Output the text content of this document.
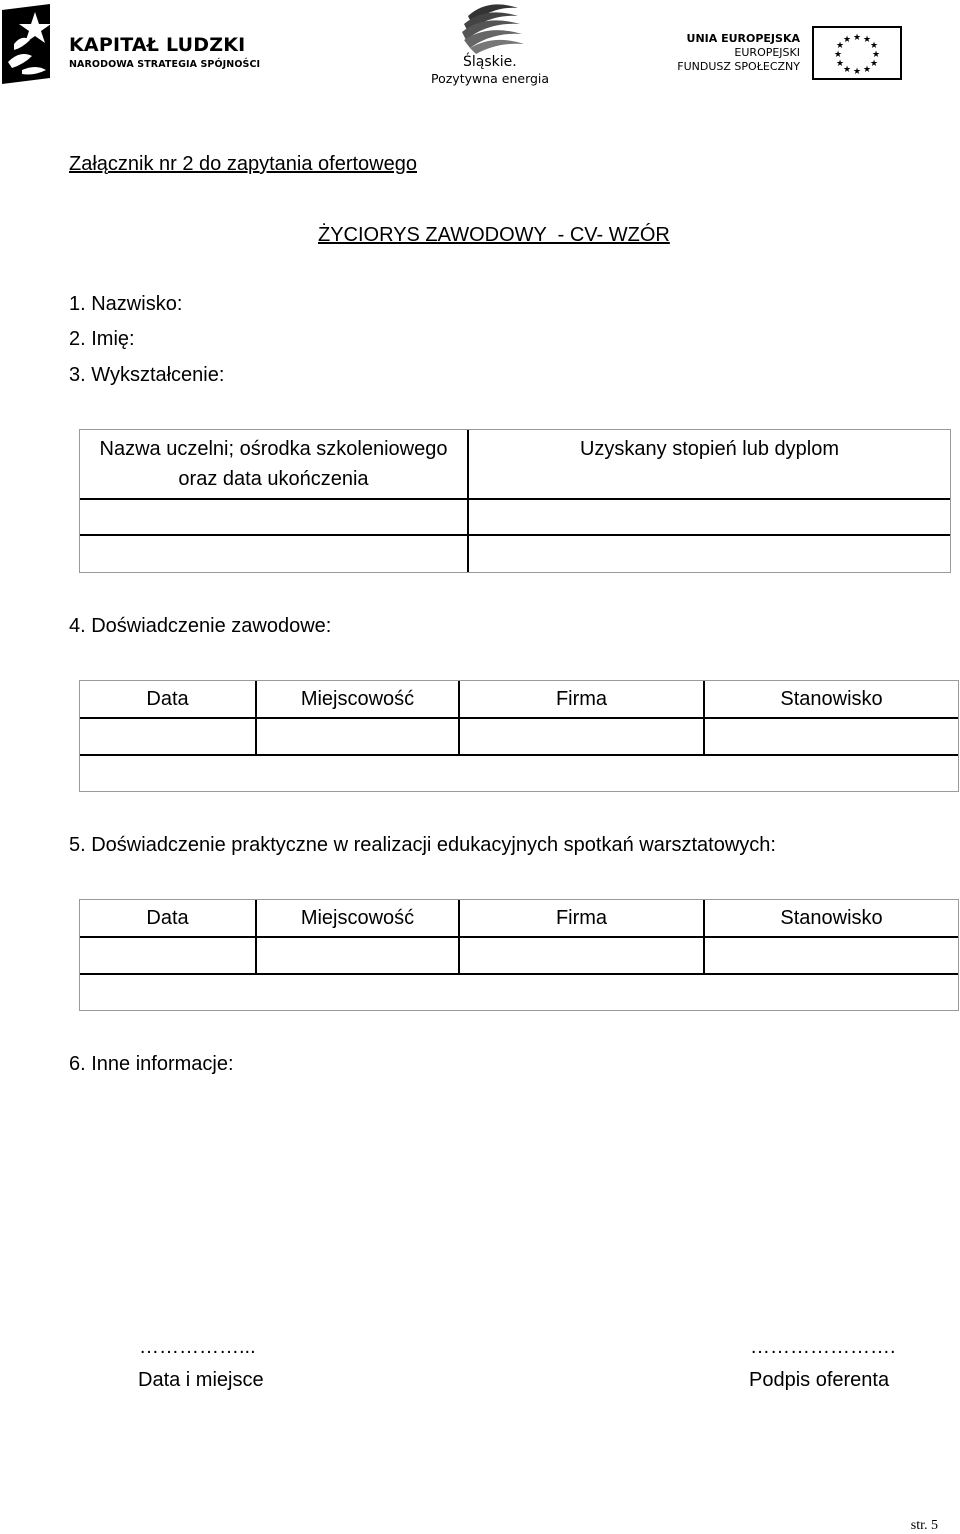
KAPITAŁ LUDZKI
NARODOWA STRATEGIA SPÓJNOŚCI	Śląskie.
Pozytywna energia
UNIA EUROPEJSKA
EUROPEJSKI
FUNDUSZ SPOŁECZNY
★ ★
★
★
★
★
★
★
★
★
★
★
Załącznik nr 2 do zapytania ofertowego
ŻYCIORYS ZAWODOWY  - CV- WZÓR
1. Nazwisko:
2. Imię:
3. Wykształcenie:
Nazwa uczelni; ośrodka szkoleniowego
oraz data ukończenia	Uzyskany stopień lub dyplom

4. Doświadczenie zawodowe:
Data	Miejscowość	Firma	Stanowisko

5. Doświadczenie praktyczne w realizacji edukacyjnych spotkań warsztatowych:
Data	Miejscowość	Firma	Stanowisko

6. Inne informacje:
……………...
Data i miejsce
………………….
Podpis oferenta
str. 5
